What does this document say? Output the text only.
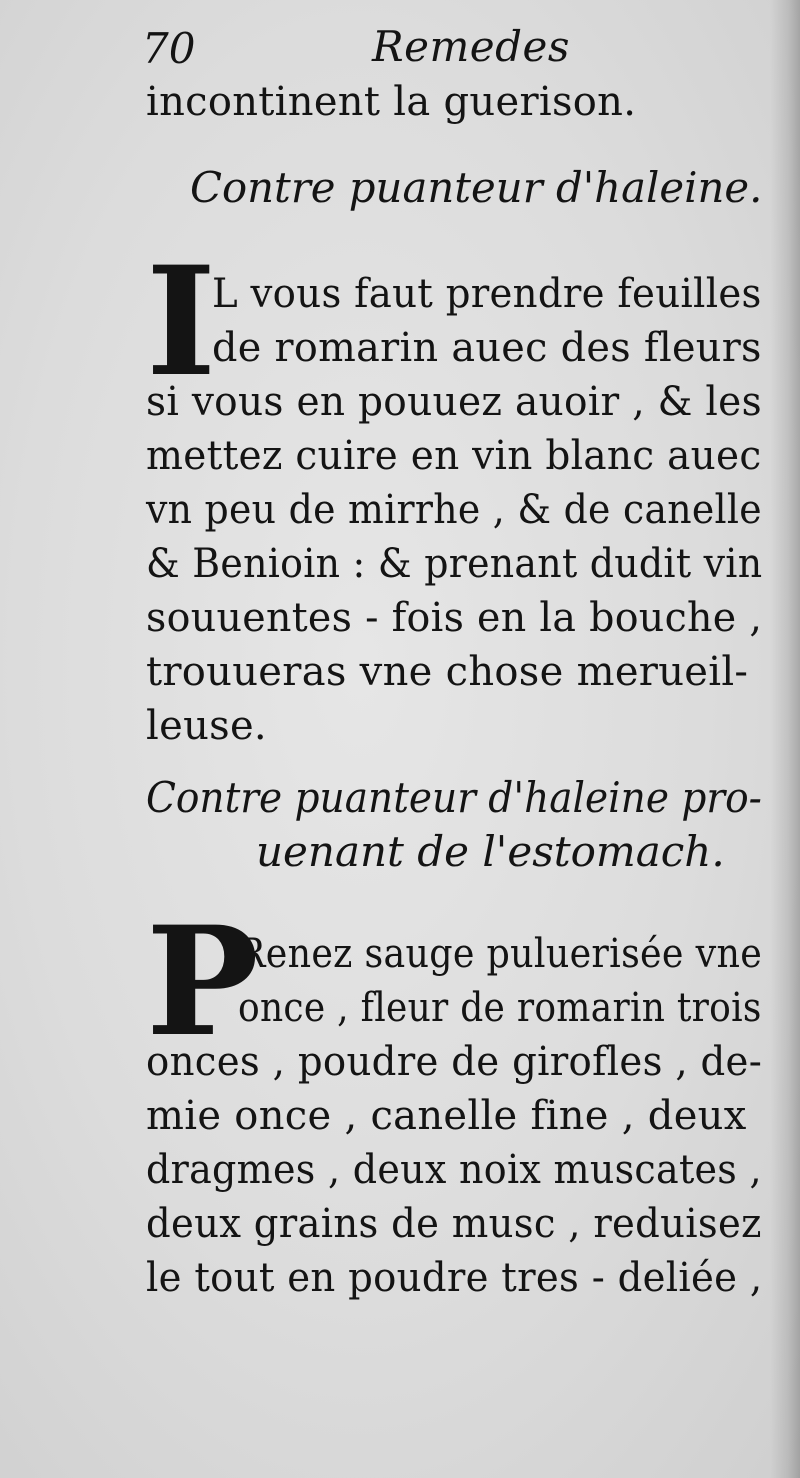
70	Remedes
incontinent la guerison.
Contre puanteur d'haleine.
I
L vous faut prendre feuilles
de romarin auec des fleurs
si vous en pouuez auoir , & les
mettez cuire en vin blanc auec
vn peu de mirrhe , & de canelle
& Benioin : & prenant dudit vin
souuentes - fois en la bouche ,
trouueras vne chose merueil-
leuse.
Contre puanteur d'haleine pro-
uenant de l'estomach.
P
Renez sauge puluerisée vne
once , fleur de romarin trois
onces , poudre de girofles , de-
mie once , canelle fine , deux
dragmes , deux noix muscates ,
deux grains de musc , reduisez
le tout en poudre tres - deliée ,
